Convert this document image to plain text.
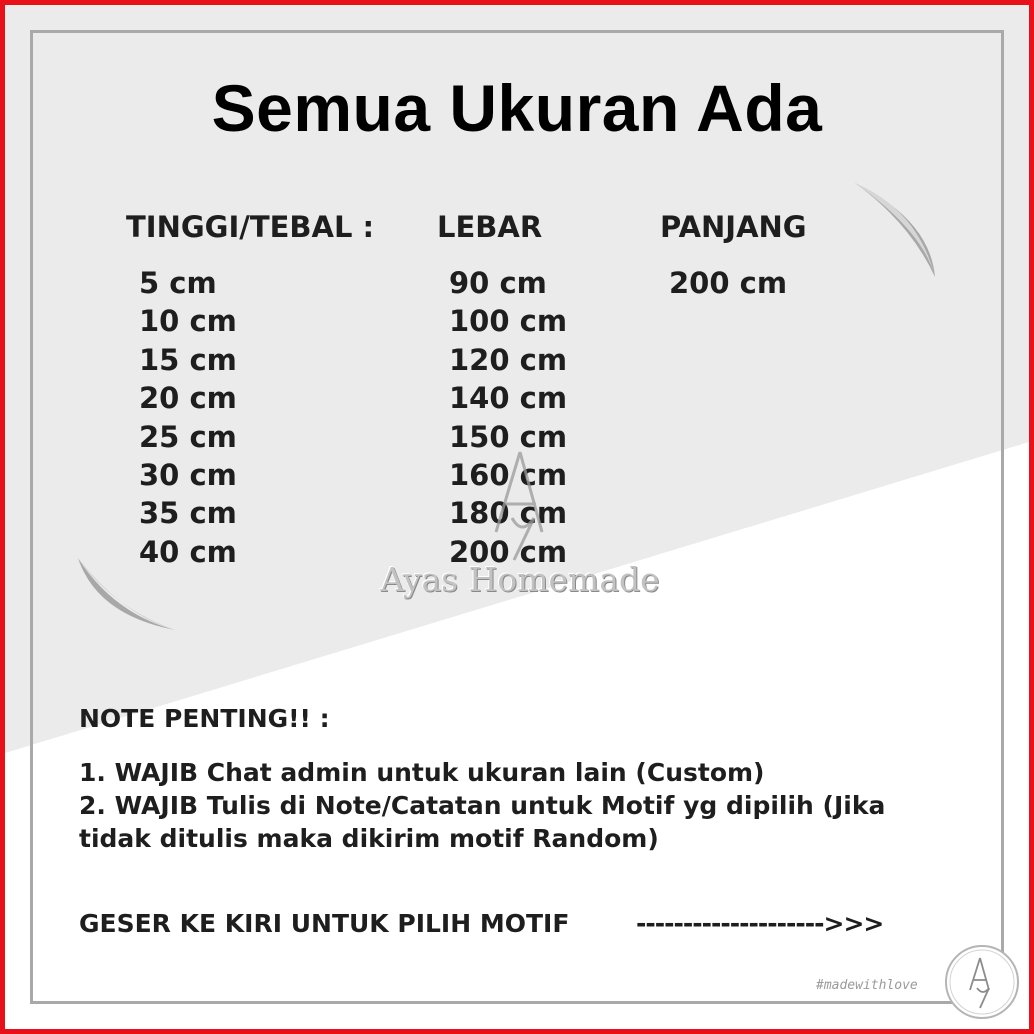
Semua Ukuran Ada

TINGGI/TEBAL : LEBAR	PANJANG

5 cm
10 cm
15 cm
20 cm
25 cm
30 cm
35 cm
40 cm
90 cm
100 cm
120 cm
140 cm
150 cm
160 cm
180 cm
200 cm
200 cm

Ayas Homemade

NOTE PENTING!! :

1. WAJIB Chat admin untuk ukuran lain (Custom)
2. WAJIB Tulis di Note/Catatan untuk Motif yg dipilih (Jika tidak ditulis maka dikirim motif Random)

GESER KE KIRI UNTUK PILIH MOTIF	-------------------->>>

#madewithlove
